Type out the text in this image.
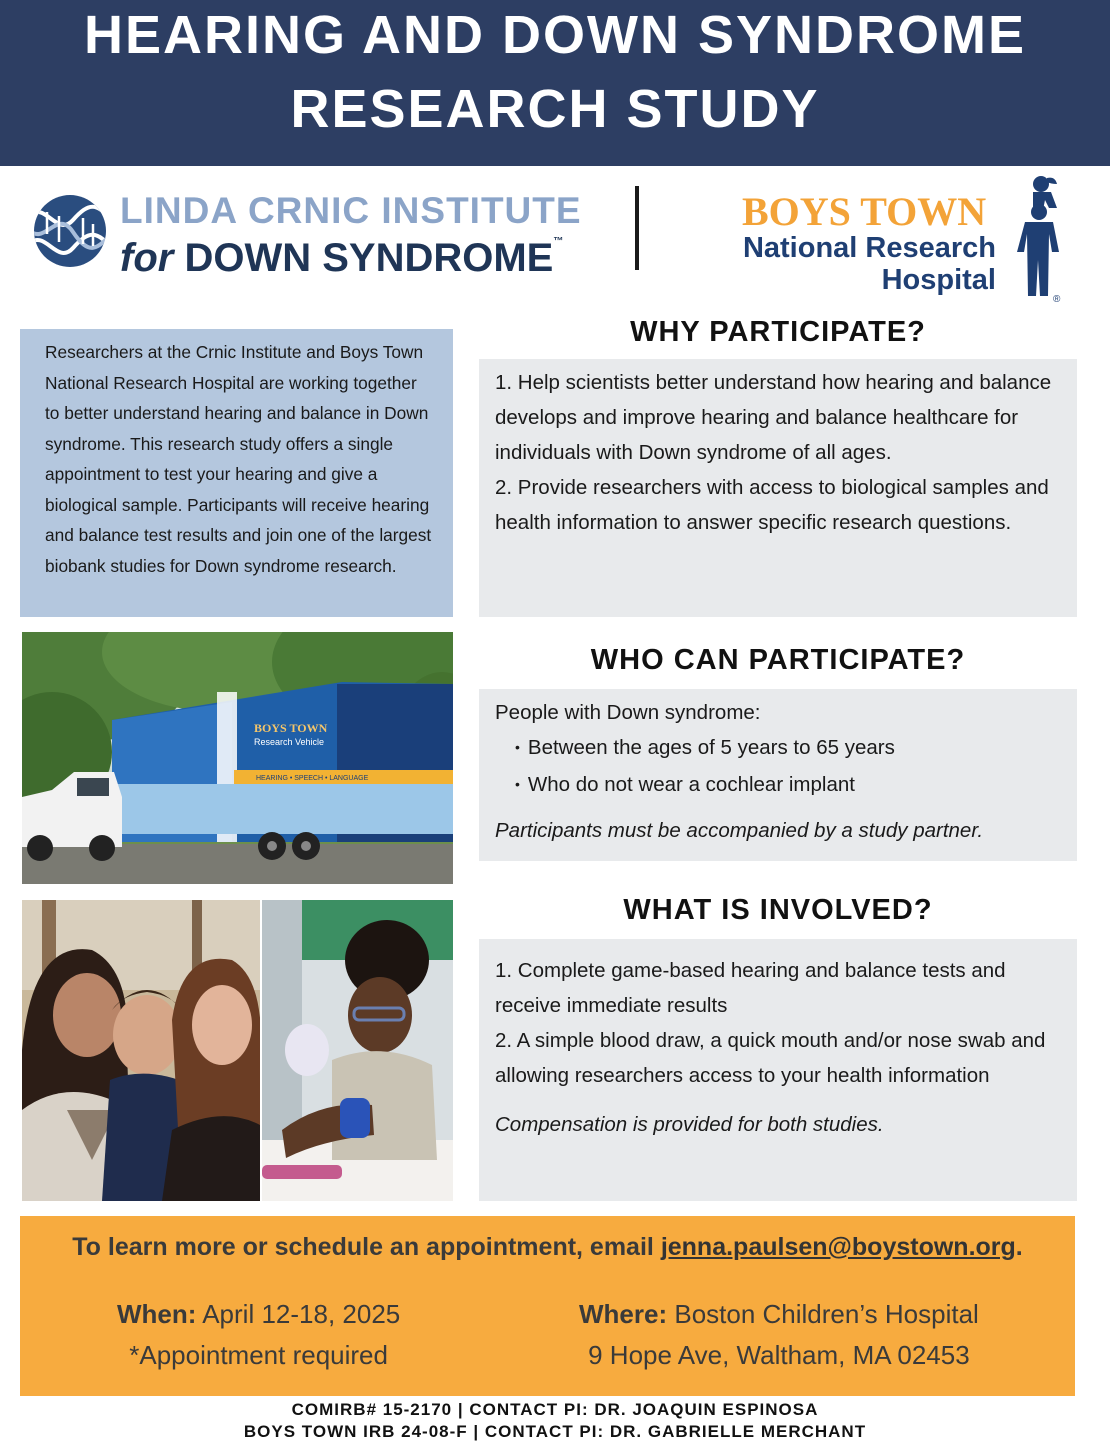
HEARING AND DOWN SYNDROME
RESEARCH STUDY
LINDA CRNIC INSTITUTE
for DOWN SYNDROME™
BOYS TOWN
National Research
Hospital
®
Researchers at the Crnic Institute and Boys Town National Research Hospital are working together to better understand hearing and balance in Down syndrome. This research study offers a single appointment to test your hearing and give a biological sample. Participants will receive hearing and balance test results and join one of the largest biobank studies for Down syndrome research.
BOYS TOWN
Research Vehicle
HEARING • SPEECH • LANGUAGE
WHY PARTICIPATE?
1. Help scientists better understand how hearing and balance develops and improve hearing and balance healthcare for individuals with Down syndrome of all ages.
2. Provide researchers with access to biological samples and health information to answer specific research questions.
WHO CAN PARTICIPATE?
People with Down syndrome:
• Between the ages of 5 years to 65 years
• Who do not wear a cochlear implant
Participants must be accompanied by a study partner.
WHAT IS INVOLVED?
1. Complete game-based hearing and balance tests and receive immediate results
2. A simple blood draw, a quick mouth and/or nose swab and allowing researchers access to your health information
Compensation is provided for both studies.
To learn more or schedule an appointment, email jenna.paulsen@boystown.org.
When: April 12-18, 2025
*Appointment required
Where: Boston Children’s Hospital
9 Hope Ave, Waltham, MA 02453
COMIRB# 15-2170 | CONTACT PI: DR. JOAQUIN ESPINOSA
BOYS TOWN IRB 24-08-F | CONTACT PI: DR. GABRIELLE MERCHANT
